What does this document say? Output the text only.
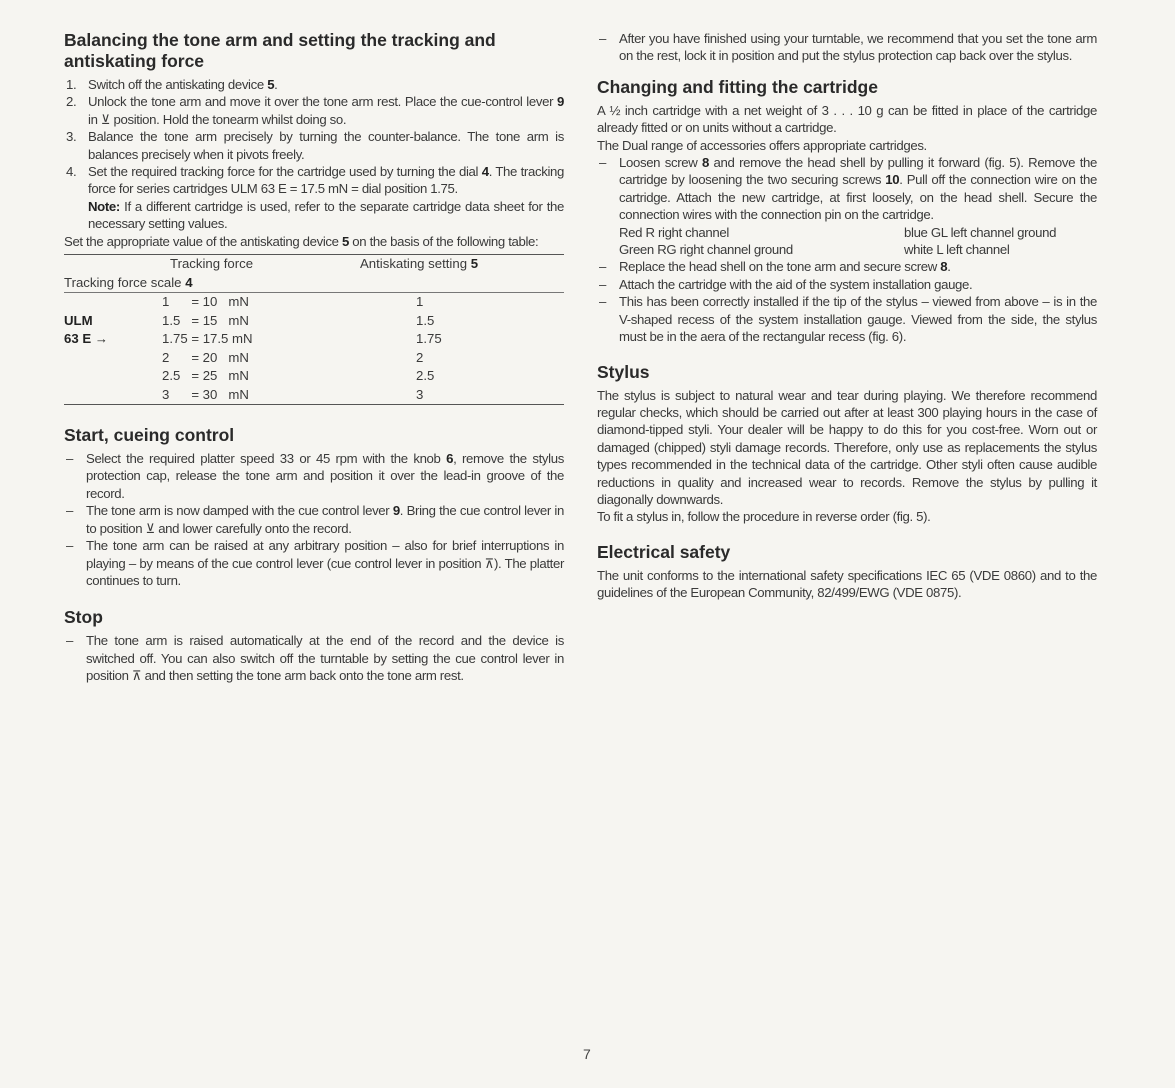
Balancing the tone arm and setting the tracking and antiskating force
1. Switch off the antiskating device 5.
2. Unlock the tone arm and move it over the tone arm rest. Place the cue-control lever 9 in ⊻ position. Hold the tonearm whilst doing so.
3. Balance the tone arm precisely by turning the counter-balance. The tone arm is balances precisely when it pivots freely.
4. Set the required tracking force for the cartridge used by turning the dial 4. The tracking force for series cartridges ULM 63 E = 17.5 mN = dial position 1.75.

Note: If a different cartridge is used, refer to the separate cartridge data sheet for the necessary setting values.

Set the appropriate value of the antiskating device 5 on the basis of the following table:

	Tracking force	Antiskating setting 5
Tracking force scale 4		
	1      = 10   mN	1
ULM	1.5   = 15   mN	1.5
63 E →	1.75 = 17.5 mN	1.75
	2      = 20   mN	2
	2.5   = 25   mN	2.5
	3      = 30   mN	3
Start, cueing control
– Select the required platter speed 33 or 45 rpm with the knob 6, remove the stylus protection cap, release the tone arm and position it over the lead-in groove of the record.
– The tone arm is now damped with the cue control lever 9. Bring the cue control lever in to position ⊻ and lower carefully onto the record.
– The tone arm can be raised at any arbitrary position – also for brief interruptions in playing – by means of the cue control lever (cue control lever in position ⊼). The platter continues to turn.
Stop
– The tone arm is raised automatically at the end of the record and the device is switched off. You can also switch off the turntable by setting the cue control lever in position ⊼ and then setting the tone arm back onto the tone arm rest.
– After you have finished using your turntable, we recommend that you set the tone arm on the rest, lock it in position and put the stylus protection cap back over the stylus.
Changing and fitting the cartridge

A ½ inch cartridge with a net weight of 3 . . . 10 g can be fitted in place of the cartridge already fitted or on units without a cartridge.

The Dual range of accessories offers appropriate cartridges.

– Loosen screw 8 and remove the head shell by pulling it forward (fig. 5). Remove the cartridge by loosening the two securing screws 10. Pull off the connection wire on the cartridge. Attach the new cartridge, at first loosely, on the head shell. Secure the connection wires with the connection pin on the cartridge.
Red R right channel	blue GL left channel ground
Green RG right channel ground	white L left channel
– Replace the head shell on the tone arm and secure screw 8.
– Attach the cartridge with the aid of the system installation gauge.
– This has been correctly installed if the tip of the stylus – viewed from above – is in the V-shaped recess of the system installation gauge. Viewed from the side, the stylus must be in the aera of the rectangular recess (fig. 6).
Stylus

The stylus is subject to natural wear and tear during playing. We therefore recommend regular checks, which should be carried out after at least 300 playing hours in the case of diamond-tipped styli. Your dealer will be happy to do this for you cost-free. Worn out or damaged (chipped) styli damage records. Therefore, only use as replacements the stylus types recommended in the technical data of the cartridge. Other styli often cause audible reductions in quality and increased wear to records. Remove the stylus by pulling it diagonally downwards.

To fit a stylus in, follow the procedure in reverse order (fig. 5).

Electrical safety

The unit conforms to the international safety specifications IEC 65 (VDE 0860) and to the guidelines of the European Community, 82/499/EWG (VDE 0875).

7
